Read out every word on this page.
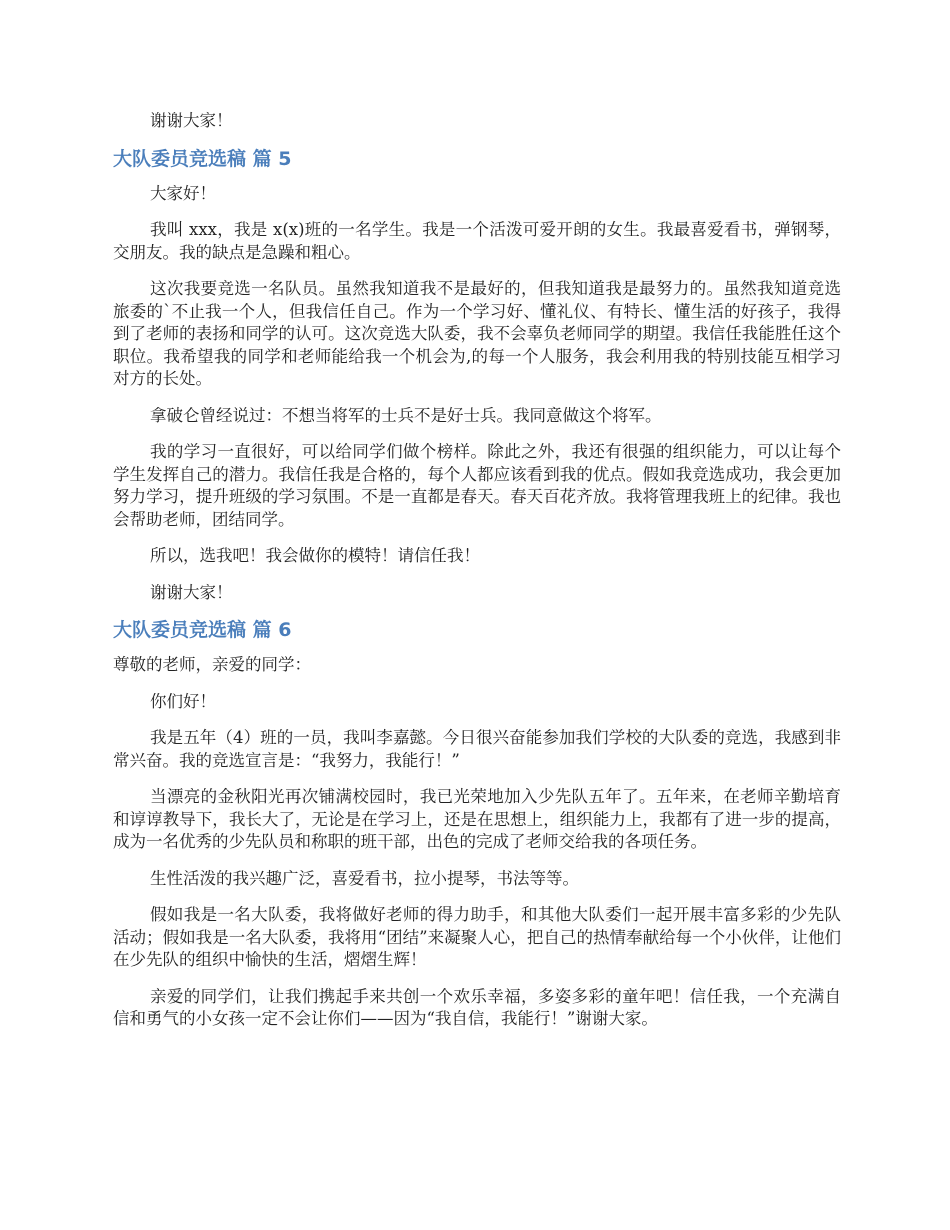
谢谢大家！

大队委员竞选稿 篇 5

大家好！

我叫 xxx，我是 x(x)班的一名学生。我是一个活泼可爱开朗的女生。我最喜爱看书，弹钢琴，交朋友。我的缺点是急躁和粗心。

这次我要竞选一名队员。虽然我知道我不是最好的，但我知道我是最努力的。虽然我知道竞选旅委的`不止我一个人，但我信任自己。作为一个学习好、懂礼仪、有特长、懂生活的好孩子，我得到了老师的表扬和同学的认可。这次竞选大队委，我不会辜负老师同学的期望。我信任我能胜任这个职位。我希望我的同学和老师能给我一个机会为,的每一个人服务，我会利用我的特别技能互相学习对方的长处。

拿破仑曾经说过：不想当将军的士兵不是好士兵。我同意做这个将军。

我的学习一直很好，可以给同学们做个榜样。除此之外，我还有很强的组织能力，可以让每个学生发挥自己的潜力。我信任我是合格的，每个人都应该看到我的优点。假如我竞选成功，我会更加努力学习，提升班级的学习氛围。不是一直都是春天。春天百花齐放。我将管理我班上的纪律。我也会帮助老师，团结同学。

所以，选我吧！我会做你的模特！请信任我！

谢谢大家！

大队委员竞选稿 篇 6

尊敬的老师，亲爱的同学：

你们好！

我是五年（4）班的一员，我叫李嘉懿。今日很兴奋能参加我们学校的大队委的竞选，我感到非常兴奋。我的竞选宣言是：“我努力，我能行！”

当漂亮的金秋阳光再次铺满校园时，我已光荣地加入少先队五年了。五年来，在老师辛勤培育和谆谆教导下，我长大了，无论是在学习上，还是在思想上，组织能力上，我都有了进一步的提高，成为一名优秀的少先队员和称职的班干部，出色的完成了老师交给我的各项任务。

生性活泼的我兴趣广泛，喜爱看书，拉小提琴，书法等等。

假如我是一名大队委，我将做好老师的得力助手，和其他大队委们一起开展丰富多彩的少先队活动；假如我是一名大队委，我将用“团结”来凝聚人心，把自己的热情奉献给每一个小伙伴，让他们在少先队的组织中愉快的生活，熠熠生辉！

亲爱的同学们，让我们携起手来共创一个欢乐幸福，多姿多彩的童年吧！信任我，一个充满自信和勇气的小女孩一定不会让你们——因为“我自信，我能行！”谢谢大家。
